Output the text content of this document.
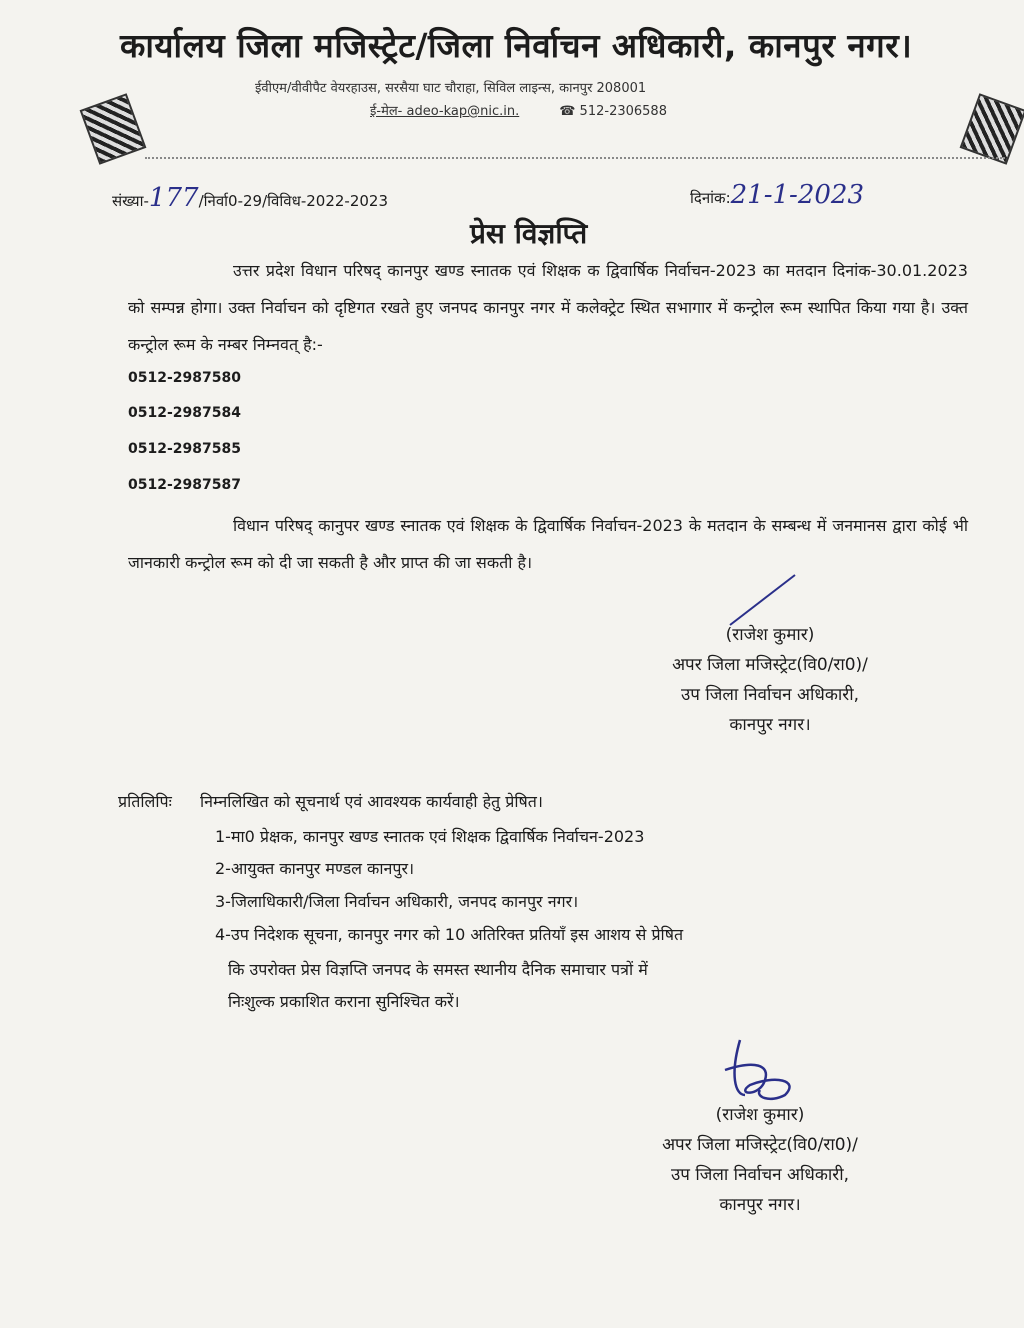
कार्यालय जिला मजिस्ट्रेट/जिला निर्वाचन अधिकारी, कानपुर नगर।
ईवीएम/वीवीपैट वेयरहाउस, सरसैया घाट चौराहा, सिविल लाइन्स, कानपुर 208001
ई-मेल- adeo-kap@nic.in.	☎ 512-2306588
संख्या-177/निर्वा0-29/विविध-2022-2023	दिनांक:21-1-2023
प्रेस विज्ञप्ति
उत्तर प्रदेश विधान परिषद् कानपुर खण्ड स्नातक एवं शिक्षक क द्विवार्षिक निर्वाचन-2023 का मतदान दिनांक-30.01.2023 को सम्पन्न होगा। उक्त निर्वाचन को दृष्टिगत रखते हुए जनपद कानपुर नगर में कलेक्ट्रेट स्थित सभागार में कन्ट्रोल रूम स्थापित किया गया है। उक्त कन्ट्रोल रूम के नम्बर निम्नवत् है:-
0512-2987580
0512-2987584
0512-2987585
0512-2987587
विधान परिषद् कानुपर खण्ड स्नातक एवं शिक्षक के द्विवार्षिक निर्वाचन-2023 के मतदान के सम्बन्ध में जनमानस द्वारा कोई भी जानकारी कन्ट्रोल रूम को दी जा सकती है और प्राप्त की जा सकती है।
(राजेश कुमार)
अपर जिला मजिस्ट्रेट(वि0/रा0)/
उप जिला निर्वाचन अधिकारी,
कानपुर नगर।
प्रतिलिपिः निम्नलिखित को सूचनार्थ एवं आवश्यक कार्यवाही हेतु प्रेषित।
1-मा0 प्रेक्षक, कानपुर खण्ड स्नातक एवं शिक्षक द्विवार्षिक निर्वाचन-2023
2-आयुक्त कानपुर मण्डल कानपुर।
3-जिलाधिकारी/जिला निर्वाचन अधिकारी, जनपद कानपुर नगर।
4-उप निदेशक सूचना, कानपुर नगर को 10 अतिरिक्त प्रतियॉं इस आशय से प्रेषित
कि उपरोक्त प्रेस विज्ञप्ति जनपद के समस्त स्थानीय दैनिक समाचार पत्रों में
निःशुल्क प्रकाशित कराना सुनिश्चित करें।
(राजेश कुमार)
अपर जिला मजिस्ट्रेट(वि0/रा0)/
उप जिला निर्वाचन अधिकारी,
कानपुर नगर।
